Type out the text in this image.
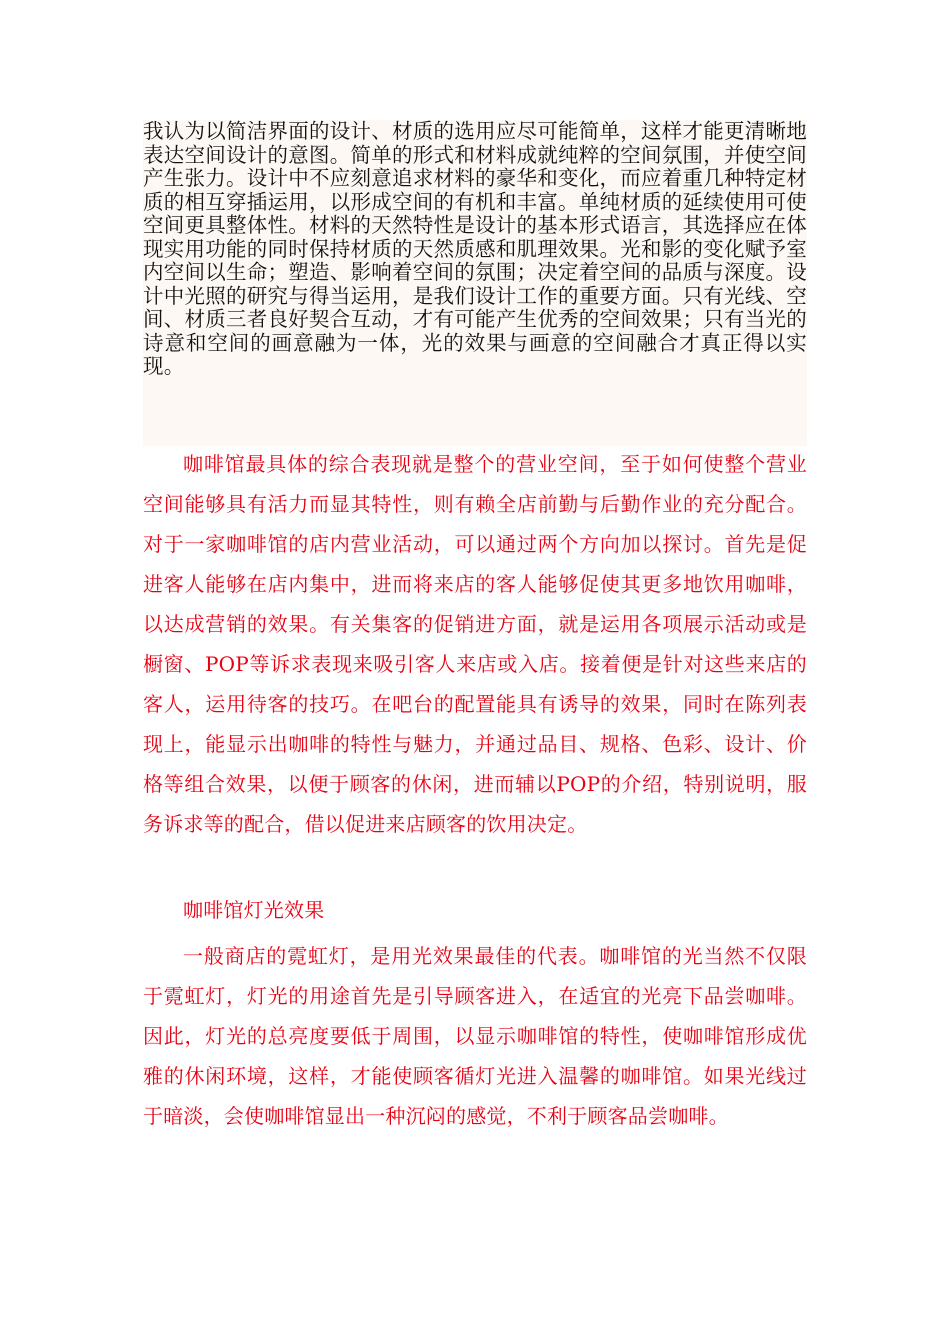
我认为以简洁界面的设计、材质的选用应尽可能简单，这样才能更清晰地表达空间设计的意图。简单的形式和材料成就纯粹的空间氛围，并使空间产生张力。设计中不应刻意追求材料的豪华和变化，而应着重几种特定材质的相互穿插运用，以形成空间的有机和丰富。单纯材质的延续使用可使空间更具整体性。材料的天然特性是设计的基本形式语言，其选择应在体现实用功能的同时保持材质的天然质感和肌理效果。光和影的变化赋予室内空间以生命；塑造、影响着空间的氛围；决定着空间的品质与深度。设计中光照的研究与得当运用，是我们设计工作的重要方面。只有光线、空间、材质三者良好契合互动，才有可能产生优秀的空间效果；只有当光的诗意和空间的画意融为一体，光的效果与画意的空间融合才真正得以实现。

咖啡馆最具体的综合表现就是整个的营业空间，至于如何使整个营业空间能够具有活力而显其特性，则有赖全店前勤与后勤作业的充分配合。对于一家咖啡馆的店内营业活动，可以通过两个方向加以探讨。首先是促进客人能够在店内集中，进而将来店的客人能够促使其更多地饮用咖啡，以达成营销的效果。有关集客的促销进方面，就是运用各项展示活动或是橱窗、POP等诉求表现来吸引客人来店或入店。接着便是针对这些来店的客人，运用待客的技巧。在吧台的配置能具有诱导的效果，同时在陈列表现上，能显示出咖啡的特性与魅力，并通过品目、规格、色彩、设计、价格等组合效果，以便于顾客的休闲，进而辅以POP的介绍，特别说明，服务诉求等的配合，借以促进来店顾客的饮用决定。

咖啡馆灯光效果

一般商店的霓虹灯，是用光效果最佳的代表。咖啡馆的光当然不仅限于霓虹灯，灯光的用途首先是引导顾客进入，在适宜的光亮下品尝咖啡。因此，灯光的总亮度要低于周围，以显示咖啡馆的特性，使咖啡馆形成优雅的休闲环境，这样，才能使顾客循灯光进入温馨的咖啡馆。如果光线过于暗淡，会使咖啡馆显出一种沉闷的感觉，不利于顾客品尝咖啡。
